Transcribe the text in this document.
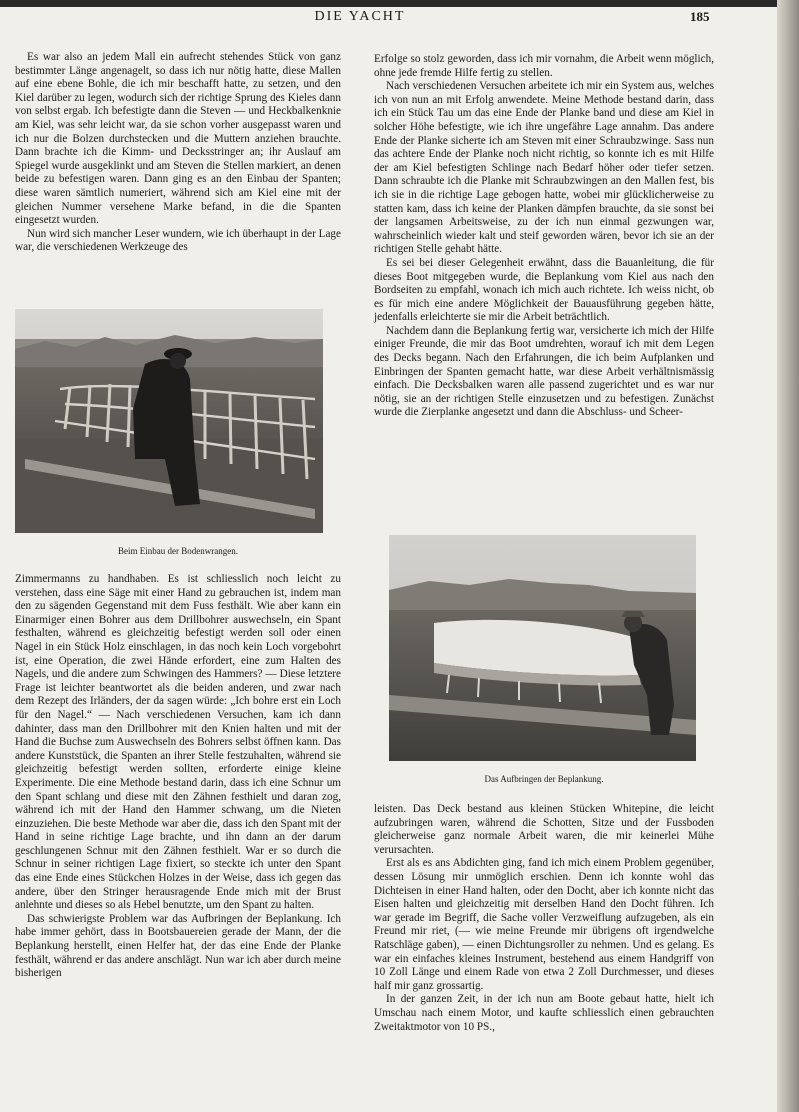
DIE YACHT	185

Es war also an jedem Mall ein aufrecht stehendes Stück von ganz bestimmter Länge angenagelt, so dass ich nur nötig hatte, diese Mallen auf eine ebene Bohle, die ich mir beschafft hatte, zu setzen, und den Kiel darüber zu legen, wodurch sich der richtige Sprung des Kieles dann von selbst ergab. Ich befestigte dann die Steven — und Heckbalkenknie am Kiel, was sehr leicht war, da sie schon vorher ausgepasst waren und ich nur die Bolzen durchstecken und die Muttern anziehen brauchte. Dann brachte ich die Kimm- und Decksstringer an; ihr Auslauf am Spiegel wurde ausgeklinkt und am Steven die Stellen markiert, an denen beide zu befestigen waren. Dann ging es an den Einbau der Spanten; diese waren sämtlich numeriert, während sich am Kiel eine mit der gleichen Nummer versehene Marke befand, in die die Spanten eingesetzt wurden.

Nun wird sich mancher Leser wundern, wie ich überhaupt in der Lage war, die verschiedenen Werkzeuge des

Beim Einbau der Bodenwrangen.

Zimmermanns zu handhaben. Es ist schliesslich noch leicht zu verstehen, dass eine Säge mit einer Hand zu gebrauchen ist, indem man den zu sägenden Gegenstand mit dem Fuss festhält. Wie aber kann ein Einarmiger einen Bohrer aus dem Drillbohrer auswechseln, ein Spant festhalten, während es gleichzeitig befestigt werden soll oder einen Nagel in ein Stück Holz einschlagen, in das noch kein Loch vorgebohrt ist, eine Operation, die zwei Hände erfordert, eine zum Halten des Nagels, und die andere zum Schwingen des Hammers? — Diese letztere Frage ist leichter beantwortet als die beiden anderen, und zwar nach dem Rezept des Irländers, der da sagen würde: „Ich bohre erst ein Loch für den Nagel.“ — Nach verschiedenen Versuchen, kam ich dann dahinter, dass man den Drillbohrer mit den Knien halten und mit der Hand die Buchse zum Auswechseln des Bohrers selbst öffnen kann. Das andere Kunststück, die Spanten an ihrer Stelle festzuhalten, während sie gleichzeitig befestigt werden sollten, erforderte einige kleine Experimente. Die eine Methode bestand darin, dass ich eine Schnur um den Spant schlang und diese mit den Zähnen festhielt und daran zog, während ich mit der Hand den Hammer schwang, um die Nieten einzuziehen. Die beste Methode war aber die, dass ich den Spant mit der Hand in seine richtige Lage brachte, und ihn dann an der darum geschlungenen Schnur mit den Zähnen festhielt. War er so durch die Schnur in seiner richtigen Lage fixiert, so steckte ich unter den Spant das eine Ende eines Stückchen Holzes in der Weise, dass ich gegen das andere, über den Stringer herausragende Ende mich mit der Brust anlehnte und dieses so als Hebel benutzte, um den Spant zu halten.

Das schwierigste Problem war das Aufbringen der Beplankung. Ich habe immer gehört, dass in Bootsbauereien gerade der Mann, der die Beplankung herstellt, einen Helfer hat, der das eine Ende der Planke festhält, während er das andere anschlägt. Nun war ich aber durch meine bisherigen

Erfolge so stolz geworden, dass ich mir vornahm, die Arbeit wenn möglich, ohne jede fremde Hilfe fertig zu stellen.

Nach verschiedenen Versuchen arbeitete ich mir ein System aus, welches ich von nun an mit Erfolg anwendete. Meine Methode bestand darin, dass ich ein Stück Tau um das eine Ende der Planke band und diese am Kiel in solcher Höhe befestigte, wie ich ihre ungefähre Lage annahm. Das andere Ende der Planke sicherte ich am Steven mit einer Schraubzwinge. Sass nun das achtere Ende der Planke noch nicht richtig, so konnte ich es mit Hilfe der am Kiel befestigten Schlinge nach Bedarf höher oder tiefer setzen. Dann schraubte ich die Planke mit Schraubzwingen an den Mallen fest, bis ich sie in die richtige Lage gebogen hatte, wobei mir glücklicherweise zu statten kam, dass ich keine der Planken dämpfen brauchte, da sie sonst bei der langsamen Arbeitsweise, zu der ich nun einmal gezwungen war, wahrscheinlich wieder kalt und steif geworden wären, bevor ich sie an der richtigen Stelle gehabt hätte.

Es sei bei dieser Gelegenheit erwähnt, dass die Bauanleitung, die für dieses Boot mitgegeben wurde, die Beplankung vom Kiel aus nach den Bordseiten zu empfahl, wonach ich mich auch richtete. Ich weiss nicht, ob es für mich eine andere Möglichkeit der Bauausführung gegeben hätte, jedenfalls erleichterte sie mir die Arbeit beträchtlich.

Nachdem dann die Beplankung fertig war, versicherte ich mich der Hilfe einiger Freunde, die mir das Boot umdrehten, worauf ich mit dem Legen des Decks begann. Nach den Erfahrungen, die ich beim Aufplanken und Einbringen der Spanten gemacht hatte, war diese Arbeit verhältnismässig einfach. Die Decksbalken waren alle passend zugerichtet und es war nur nötig, sie an der richtigen Stelle einzusetzen und zu befestigen. Zunächst wurde die Zierplanke angesetzt und dann die Abschluss- und Scheer-

Das Aufbringen der Beplankung.

leisten. Das Deck bestand aus kleinen Stücken Whitepine, die leicht aufzubringen waren, während die Schotten, Sitze und der Fussboden gleicherweise ganz normale Arbeit waren, die mir keinerlei Mühe verursachten.

Erst als es ans Abdichten ging, fand ich mich einem Problem gegenüber, dessen Lösung mir unmöglich erschien. Denn ich konnte wohl das Dichteisen in einer Hand halten, oder den Docht, aber ich konnte nicht das Eisen halten und gleichzeitig mit derselben Hand den Docht führen. Ich war gerade im Begriff, die Sache voller Verzweiflung aufzugeben, als ein Freund mir riet, (— wie meine Freunde mir übrigens oft irgendwelche Ratschläge gaben), — einen Dichtungsroller zu nehmen. Und es gelang. Es war ein einfaches kleines Instrument, bestehend aus einem Handgriff von 10 Zoll Länge und einem Rade von etwa 2 Zoll Durchmesser, und dieses half mir ganz grossartig.

In der ganzen Zeit, in der ich nun am Boote gebaut hatte, hielt ich Umschau nach einem Motor, und kaufte schliesslich einen gebrauchten Zweitaktmotor von 10 PS.,
